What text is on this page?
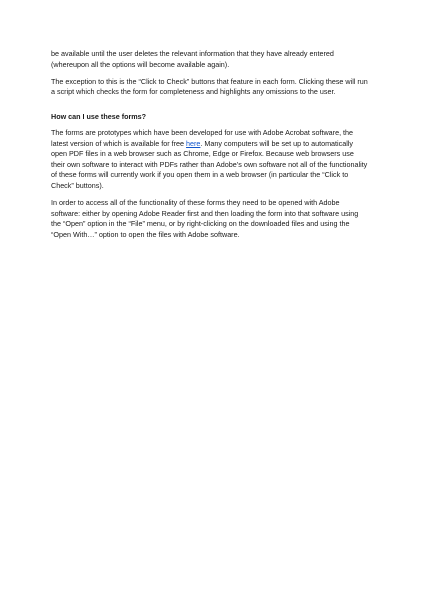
be available until the user deletes the relevant information that they have already entered (whereupon all the options will become available again).

The exception to this is the “Click to Check” buttons that feature in each form. Clicking these will run a script which checks the form for completeness and highlights any omissions to the user.

How can I use these forms?

The forms are prototypes which have been developed for use with Adobe Acrobat software, the latest version of which is available for free here. Many computers will be set up to automatically open PDF files in a web browser such as Chrome, Edge or Firefox. Because web browsers use their own software to interact with PDFs rather than Adobe’s own software not all of the functionality of these forms will currently work if you open them in a web browser (in particular the “Click to Check” buttons).

In order to access all of the functionality of these forms they need to be opened with Adobe software: either by opening Adobe Reader first and then loading the form into that software using the “Open” option in the “File” menu, or by right-clicking on the downloaded files and using the “Open With…” option to open the files with Adobe software.
